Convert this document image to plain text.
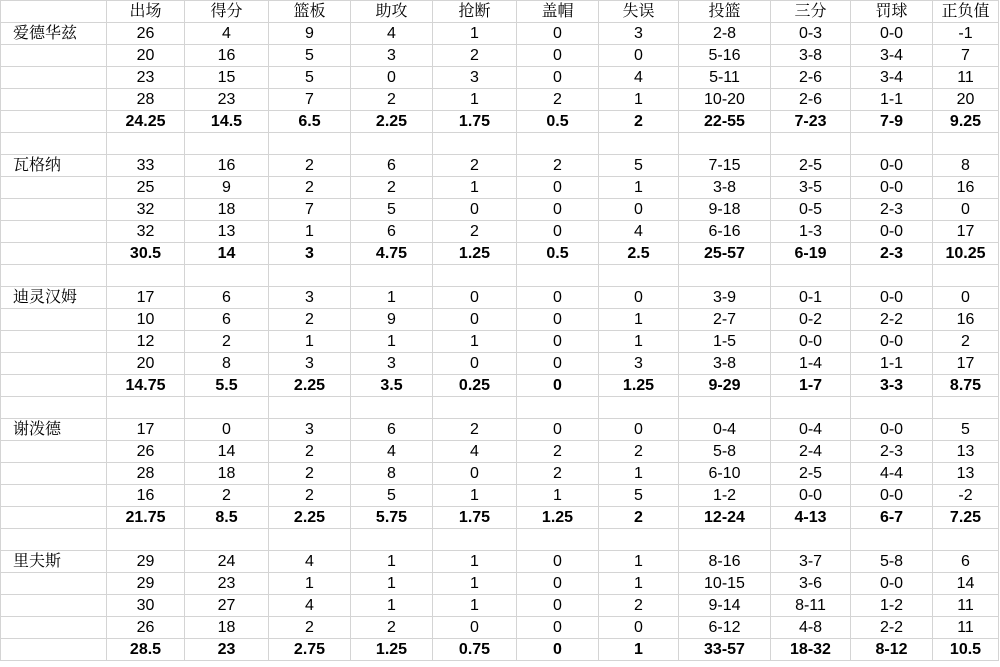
	出场	得分	篮板	助攻	抢断	盖帽	失误	投篮	三分	罚球	正负值
爱德华兹	26	4	9	4	1	0	3	2-8	0-3	0-0	-1
	20	16	5	3	2	0	0	5-16	3-8	3-4	7
	23	15	5	0	3	0	4	5-11	2-6	3-4	11
	28	23	7	2	1	2	1	10-20	2-6	1-1	20
	24.25	14.5	6.5	2.25	1.75	0.5	2	22-55	7-23	7-9	9.25

瓦格纳	33	16	2	6	2	2	5	7-15	2-5	0-0	8
	25	9	2	2	1	0	1	3-8	3-5	0-0	16
	32	18	7	5	0	0	0	9-18	0-5	2-3	0
	32	13	1	6	2	0	4	6-16	1-3	0-0	17
	30.5	14	3	4.75	1.25	0.5	2.5	25-57	6-19	2-3	10.25

迪灵汉姆	17	6	3	1	0	0	0	3-9	0-1	0-0	0
	10	6	2	9	0	0	1	2-7	0-2	2-2	16
	12	2	1	1	1	0	1	1-5	0-0	0-0	2
	20	8	3	3	0	0	3	3-8	1-4	1-1	17
	14.75	5.5	2.25	3.5	0.25	0	1.25	9-29	1-7	3-3	8.75

谢泼德	17	0	3	6	2	0	0	0-4	0-4	0-0	5
	26	14	2	4	4	2	2	5-8	2-4	2-3	13
	28	18	2	8	0	2	1	6-10	2-5	4-4	13
	16	2	2	5	1	1	5	1-2	0-0	0-0	-2
	21.75	8.5	2.25	5.75	1.75	1.25	2	12-24	4-13	6-7	7.25

里夫斯	29	24	4	1	1	0	1	8-16	3-7	5-8	6
	29	23	1	1	1	0	1	10-15	3-6	0-0	14
	30	27	4	1	1	0	2	9-14	8-11	1-2	11
	26	18	2	2	0	0	0	6-12	4-8	2-2	11
	28.5	23	2.75	1.25	0.75	0	1	33-57	18-32	8-12	10.5
